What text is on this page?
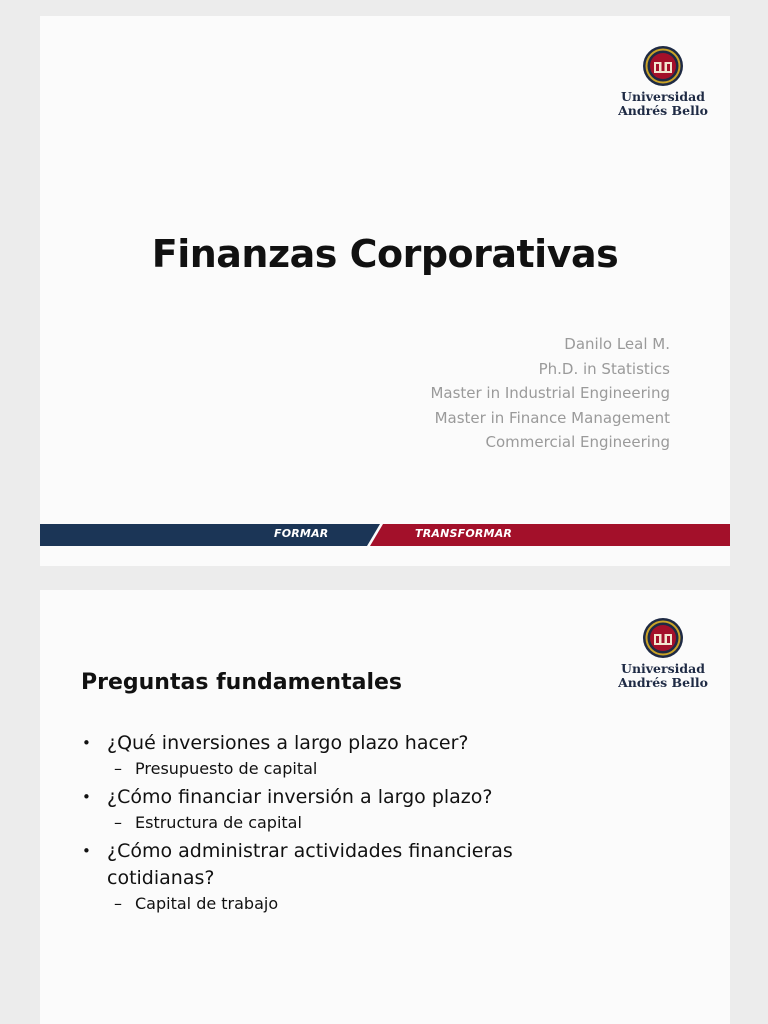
Universidad
Andrés Bello
Finanzas Corporativas
Danilo Leal M.
Ph.D. in Statistics
Master in Industrial Engineering
Master in Finance Management
Commercial Engineering
FORMAR	TRANSFORMAR
Universidad
Andrés Bello
Preguntas fundamentales
• ¿Qué inversiones a largo plazo hacer?
– Presupuesto de capital
• ¿Cómo financiar inversión a largo plazo?
– Estructura de capital
• ¿Cómo administrar actividades financieras cotidianas?
– Capital de trabajo
